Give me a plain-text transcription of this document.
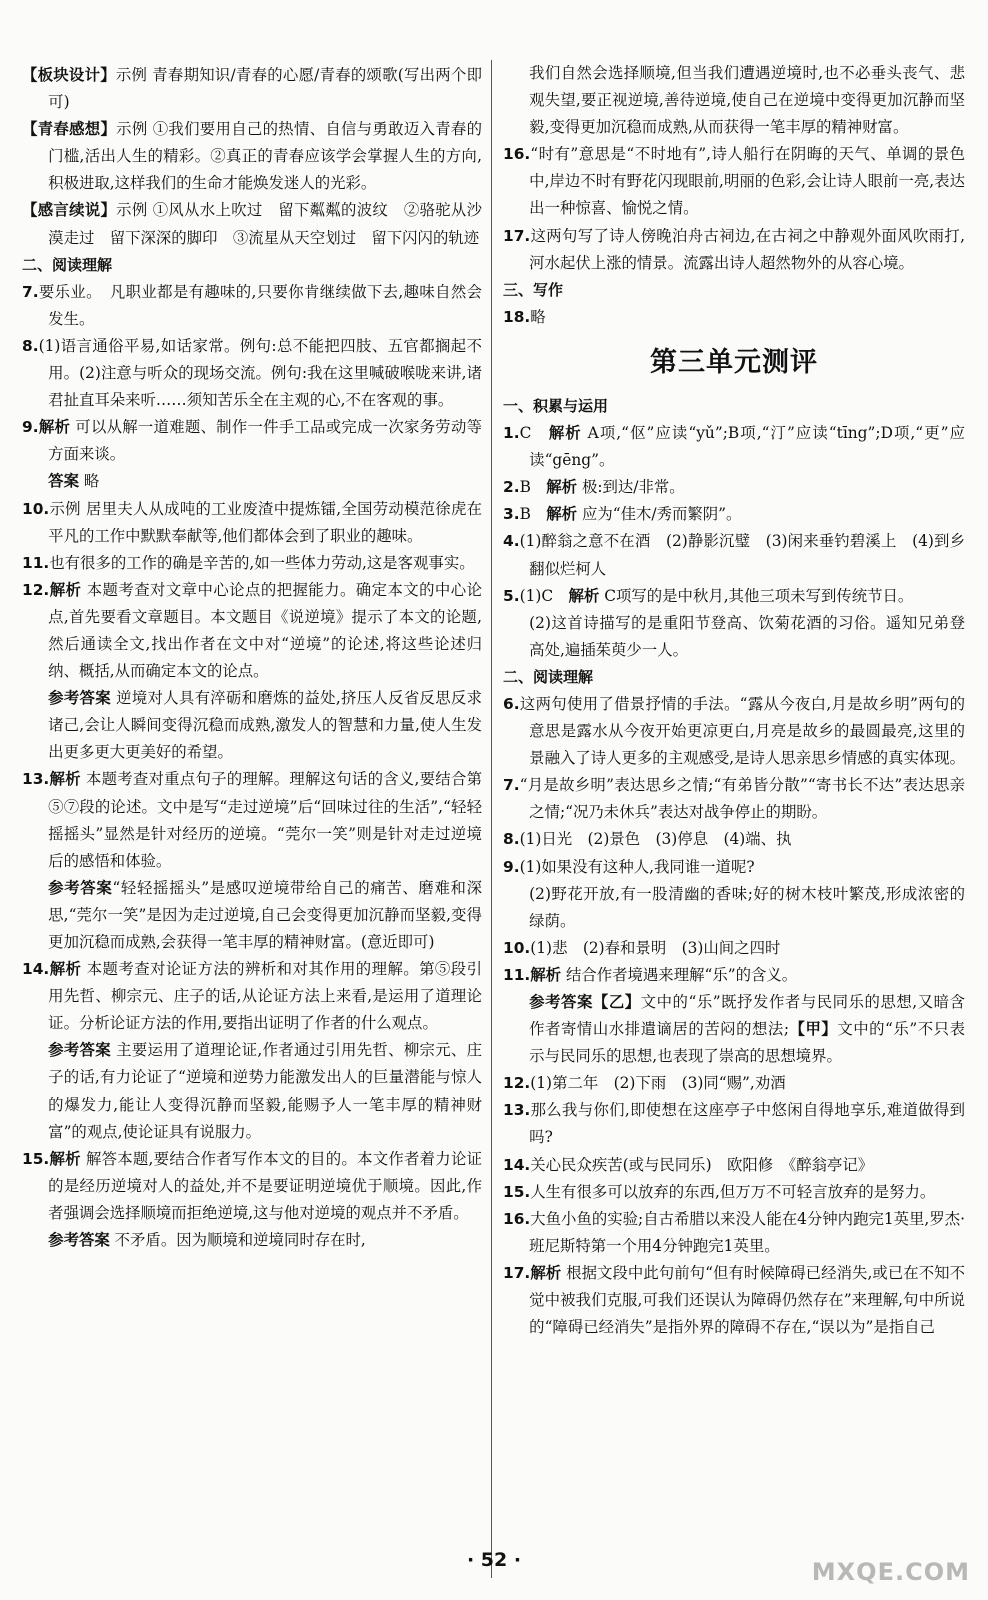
【板块设计】示例 青春期知识/青春的心愿/青春的颂歌(写出两个即可)

【青春感想】示例 ①我们要用自己的热情、自信与勇敢迈入青春的门槛,活出人生的精彩。②真正的青春应该学会掌握人生的方向,积极进取,这样我们的生命才能焕发迷人的光彩。

【感言续说】示例 ①风从水上吹过　留下粼粼的波纹　②骆驼从沙漠走过　留下深深的脚印　③流星从天空划过　留下闪闪的轨迹

二、阅读理解

7.要乐业。　凡职业都是有趣味的,只要你肯继续做下去,趣味自然会发生。

8.(1)语言通俗平易,如话家常。例句:总不能把四肢、五官都搁起不用。(2)注意与听众的现场交流。例句:我在这里喊破喉咙来讲,诸君扯直耳朵来听……须知苦乐全在主观的心,不在客观的事。

9.解析 可以从解一道难题、制作一件手工品或完成一次家务劳动等方面来谈。

答案 略

10.示例 居里夫人从成吨的工业废渣中提炼镭,全国劳动模范徐虎在平凡的工作中默默奉献等,他们都体会到了职业的趣味。

11.也有很多的工作的确是辛苦的,如一些体力劳动,这是客观事实。

12.解析 本题考查对文章中心论点的把握能力。确定本文的中心论点,首先要看文章题目。本文题目《说逆境》提示了本文的论题,然后通读全文,找出作者在文中对“逆境”的论述,将这些论述归纳、概括,从而确定本文的论点。

参考答案 逆境对人具有淬砺和磨炼的益处,挤压人反省反思反求诸己,会让人瞬间变得沉稳而成熟,激发人的智慧和力量,使人生发出更多更大更美好的希望。

13.解析 本题考查对重点句子的理解。理解这句话的含义,要结合第⑤⑦段的论述。文中是写“走过逆境”后“回味过往的生活”,“轻轻摇摇头”显然是针对经历的逆境。“莞尔一笑”则是针对走过逆境后的感悟和体验。

参考答案“轻轻摇摇头”是感叹逆境带给自己的痛苦、磨难和深思,“莞尔一笑”是因为走过逆境,自己会变得更加沉静而坚毅,变得更加沉稳而成熟,会获得一笔丰厚的精神财富。(意近即可)

14.解析 本题考查对论证方法的辨析和对其作用的理解。第⑤段引用先哲、柳宗元、庄子的话,从论证方法上来看,是运用了道理论证。分析论证方法的作用,要指出证明了作者的什么观点。

参考答案 主要运用了道理论证,作者通过引用先哲、柳宗元、庄子的话,有力论证了“逆境和逆势力能激发出人的巨量潜能与惊人的爆发力,能让人变得沉静而坚毅,能赐予人一笔丰厚的精神财富”的观点,使论证具有说服力。

15.解析 解答本题,要结合作者写作本文的目的。本文作者着力论证的是经历逆境对人的益处,并不是要证明逆境优于顺境。因此,作者强调会选择顺境而拒绝逆境,这与他对逆境的观点并不矛盾。

参考答案 不矛盾。因为顺境和逆境同时存在时,

我们自然会选择顺境,但当我们遭遇逆境时,也不必垂头丧气、悲观失望,要正视逆境,善待逆境,使自己在逆境中变得更加沉静而坚毅,变得更加沉稳而成熟,从而获得一笔丰厚的精神财富。

16.“时有”意思是“不时地有”,诗人船行在阴晦的天气、单调的景色中,岸边不时有野花闪现眼前,明丽的色彩,会让诗人眼前一亮,表达出一种惊喜、愉悦之情。

17.这两句写了诗人傍晚泊舟古祠边,在古祠之中静观外面风吹雨打,河水起伏上涨的情景。流露出诗人超然物外的从容心境。

三、写作

18.略

第三单元测评

一、积累与运用

1.C　解析 A项,“伛”应读“yǔ”;B项,“汀”应读“tīng”;D项,“更”应读“gēng”。

2.B　解析 极:到达/非常。

3.B　解析 应为“佳木/秀而繁阴”。

4.(1)醉翁之意不在酒　(2)静影沉璧　(3)闲来垂钓碧溪上　(4)到乡翻似烂柯人

5.(1)C　解析 C项写的是中秋月,其他三项未写到传统节日。

(2)这首诗描写的是重阳节登高、饮菊花酒的习俗。遥知兄弟登高处,遍插茱萸少一人。

二、阅读理解

6.这两句使用了借景抒情的手法。“露从今夜白,月是故乡明”两句的意思是露水从今夜开始更凉更白,月亮是故乡的最圆最亮,这里的景融入了诗人更多的主观感受,是诗人思亲思乡情感的真实体现。

7.“月是故乡明”表达思乡之情;“有弟皆分散”“寄书长不达”表达思亲之情;“况乃未休兵”表达对战争停止的期盼。

8.(1)日光　(2)景色　(3)停息　(4)端、执

9.(1)如果没有这种人,我同谁一道呢?

(2)野花开放,有一股清幽的香味;好的树木枝叶繁茂,形成浓密的绿荫。

10.(1)悲　(2)春和景明　(3)山间之四时

11.解析 结合作者境遇来理解“乐”的含义。

参考答案【乙】文中的“乐”既抒发作者与民同乐的思想,又暗含作者寄情山水排遣谪居的苦闷的想法;【甲】文中的“乐”不只表示与民同乐的思想,也表现了崇高的思想境界。

12.(1)第二年　(2)下雨　(3)同“赐”,劝酒

13.那么我与你们,即使想在这座亭子中悠闲自得地享乐,难道做得到吗?

14.关心民众疾苦(或与民同乐)　欧阳修　《醉翁亭记》

15.人生有很多可以放弃的东西,但万万不可轻言放弃的是努力。

16.大鱼小鱼的实验;自古希腊以来没人能在4分钟内跑完1英里,罗杰·班尼斯特第一个用4分钟跑完1英里。

17.解析 根据文段中此句前句“但有时候障碍已经消失,或已在不知不觉中被我们克服,可我们还误认为障碍仍然存在”来理解,句中所说的“障碍已经消失”是指外界的障碍不存在,“误以为”是指自己

· 52 ·	MXQE.COM
